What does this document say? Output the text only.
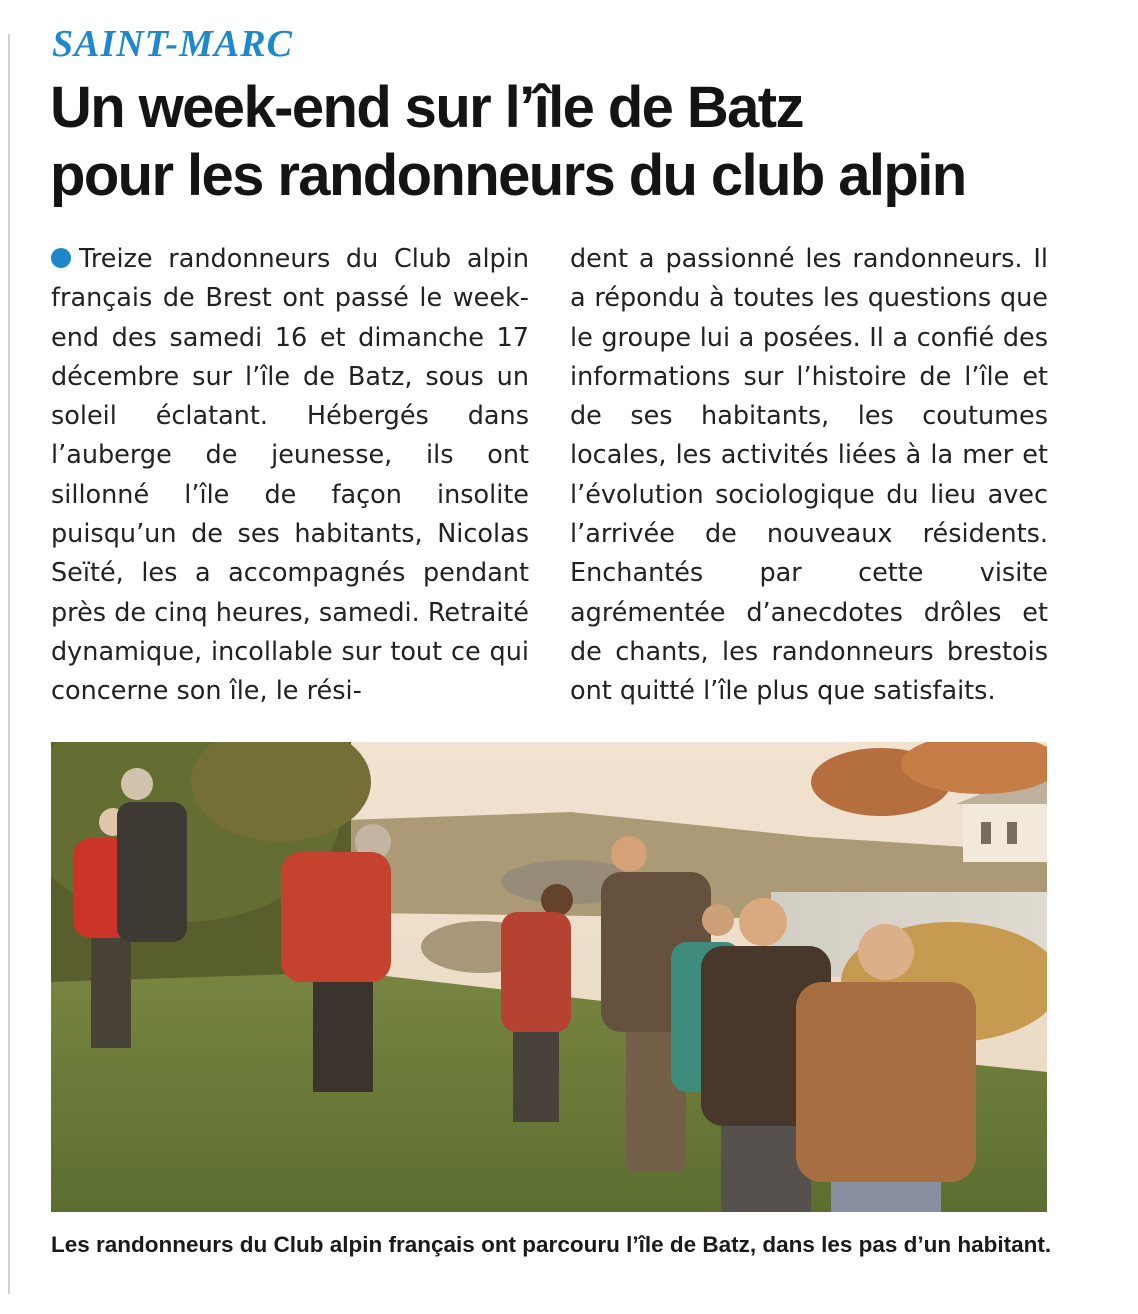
SAINT-MARC
Un week-end sur l’île de Batz
pour les randonneurs du club alpin
Treize randonneurs du Club alpin français de Brest ont passé le week-end des samedi 16 et dimanche 17 décembre sur l’île de Batz, sous un soleil éclatant. Hébergés dans l’auberge de jeunesse, ils ont sillonné l’île de façon insolite puisqu’un de ses habitants, Nicolas Seïté, les a accompagnés pendant près de cinq heures, samedi. Retraité dynamique, incollable sur tout ce qui concerne son île, le rési-
dent a passionné les randonneurs. Il a répondu à toutes les questions que le groupe lui a posées. Il a confié des informations sur l’histoire de l’île et de ses habitants, les coutumes locales, les activités liées à la mer et l’évolution sociologique du lieu avec l’arrivée de nouveaux résidents. Enchantés par cette visite agrémentée d’anecdotes drôles et de chants, les randonneurs brestois ont quitté l’île plus que satisfaits.
Les randonneurs du Club alpin français ont parcouru l’île de Batz, dans les pas d’un habitant.
